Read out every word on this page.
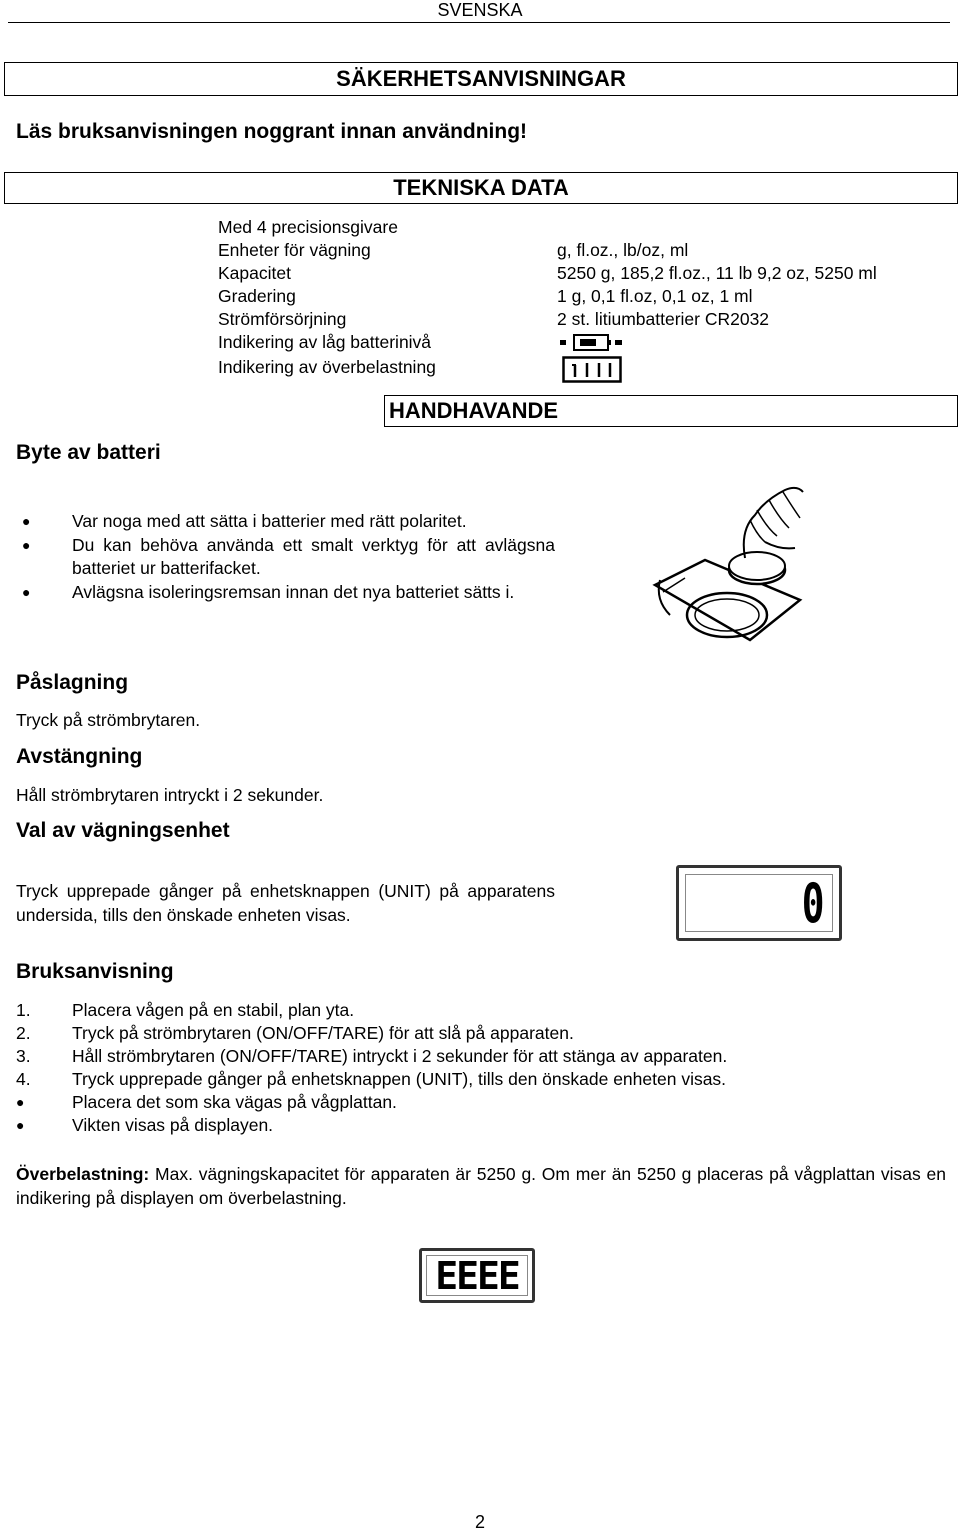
SVENSKA
SÄKERHETSANVISNINGAR
Läs bruksanvisningen noggrant innan användning!
TEKNISKA DATA
Med 4 precisionsgivare
Enheter för vägning	g, fl.oz., lb/oz, ml
Kapacitet	5250 g, 185,2 fl.oz., 11 lb 9,2 oz, 5250 ml
Gradering	1 g, 0,1 fl.oz, 0,1 oz, 1 ml
Strömförsörjning	2 st. litiumbatterier CR2032
Indikering av låg batterinivå
Indikering av överbelastning
HANDHAVANDE
Byte av batteri
●	Var noga med att sätta i batterier med rätt polaritet.
●	Du kan behöva använda ett smalt verktyg för att avlägsna batteriet ur batterifacket.
●	Avlägsna isoleringsremsan innan det nya batteriet sätts i.
Påslagning
Tryck på strömbrytaren.
Avstängning
Håll strömbrytaren intryckt i 2 sekunder.
Val av vägningsenhet
Tryck upprepade gånger på enhetsknappen (UNIT) på apparatens undersida, tills den önskade enheten visas.	0
Bruksanvisning
1.	Placera vågen på en stabil, plan yta.
2.	Tryck på strömbrytaren (ON/OFF/TARE) för att slå på apparaten.
3.	Håll strömbrytaren (ON/OFF/TARE) intryckt i 2 sekunder för att stänga av apparaten.
4.	Tryck upprepade gånger på enhetsknappen (UNIT), tills den önskade enheten visas.
●	Placera det som ska vägas på vågplattan.
●	Vikten visas på displayen.
Överbelastning: Max. vägningskapacitet för apparaten är 5250 g. Om mer än 5250 g placeras på vågplattan visas en indikering på displayen om överbelastning.
EEEE
2
